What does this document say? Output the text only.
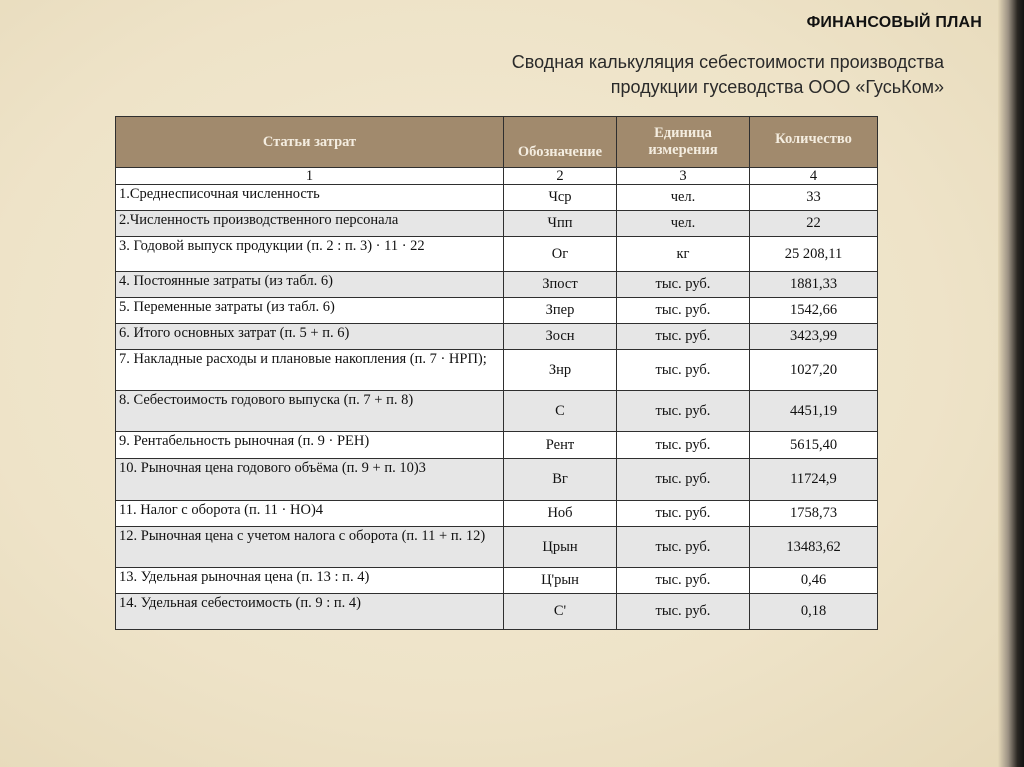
ФИНАНСОВЫЙ ПЛАН
Сводная калькуляция себестоимости производства
продукции гусеводства ООО «ГусьКом»
Статьи затрат	Обозначение	Единица измерения	Количество
1	2	3	4
1.Среднесписочная численность	Чср	чел.	33
2.Численность производственного персонала	Чпп	чел.	22
3. Годовой выпуск продукции (п. 2 : п. 3) · 11 · 22	Ог	кг	25 208,11
4. Постоянные затраты (из табл. 6)	Зпост	тыс. руб.	1881,33
5. Переменные затраты (из табл. 6)	Зпер	тыс. руб.	1542,66
6. Итого основных затрат (п. 5 + п. 6)	Зосн	тыс. руб.	3423,99
7. Накладные расходы и плановые накопления (п. 7 · НРП);	Знр	тыс. руб.	1027,20
8. Себестоимость годового выпуска (п. 7 + п. 8)	С	тыс. руб.	4451,19
9. Рентабельность рыночная (п. 9 · РЕН)	Рент	тыс. руб.	5615,40
10. Рыночная цена годового объёма (п. 9 + п. 10)3	Вг	тыс. руб.	11724,9
11. Налог с оборота (п. 11 · НО)4	Ноб	тыс. руб.	1758,73
12. Рыночная цена с учетом налога с оборота (п. 11 + п. 12)	Црын	тыс. руб.	13483,62
13. Удельная рыночная цена (п. 13 : п. 4)	Ц'рын	тыс. руб.	0,46
14. Удельная себестоимость (п. 9 : п. 4)	С'	тыс. руб.	0,18
